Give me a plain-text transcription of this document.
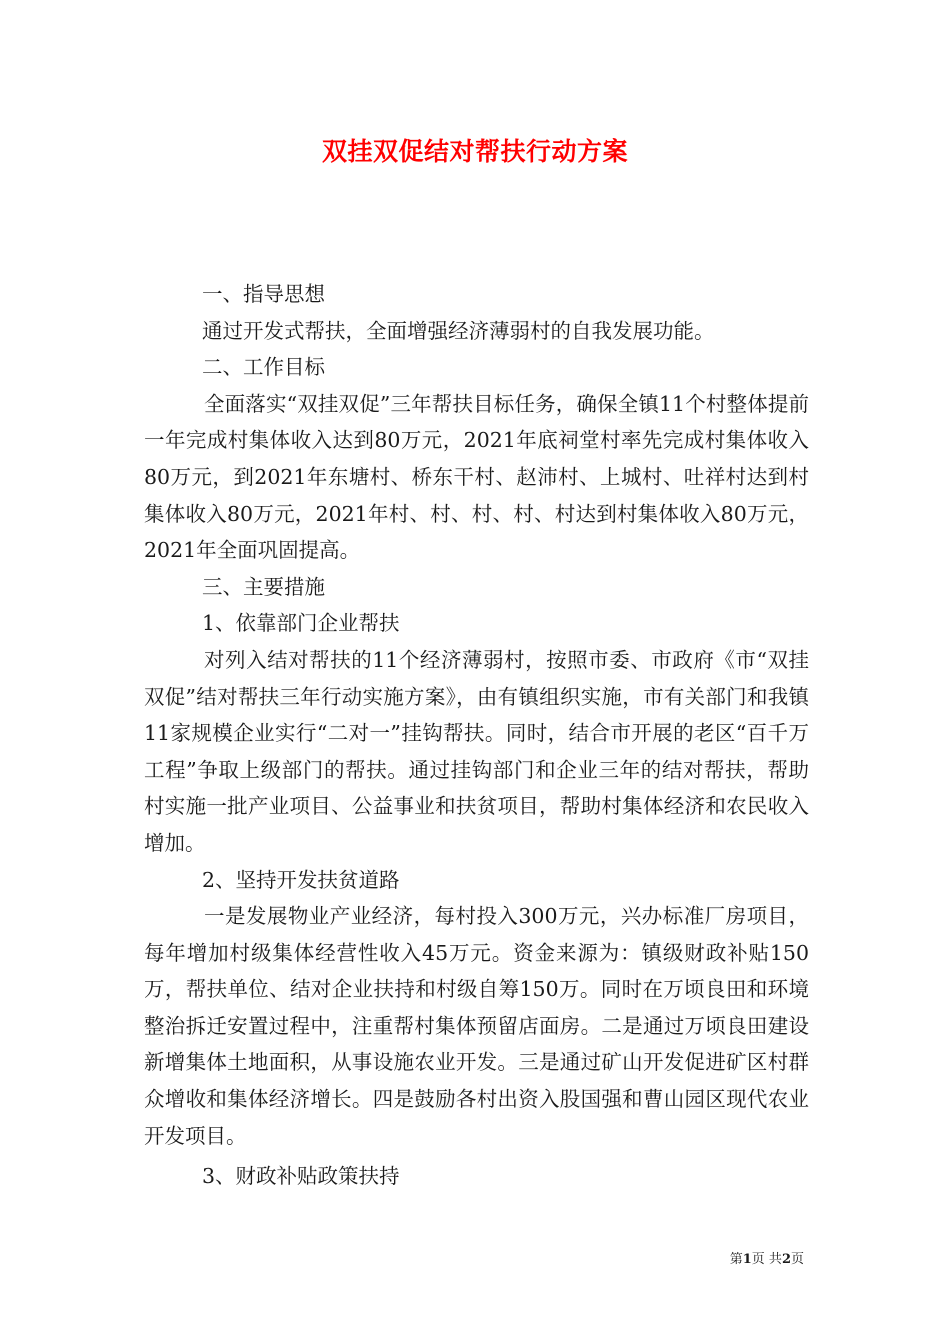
双挂双促结对帮扶行动方案

一、指导思想

通过开发式帮扶，全面增强经济薄弱村的自我发展功能。

二、工作目标

全面落实“双挂双促”三年帮扶目标任务，确保全镇11个村整体提前一年完成村集体收入达到80万元，2021年底祠堂村率先完成村集体收入80万元，到2021年东塘村、桥东干村、赵沛村、上城村、吐祥村达到村集体收入80万元，2021年村、村、村、村、村达到村集体收入80万元，2021年全面巩固提高。

三、主要措施

1、依靠部门企业帮扶

对列入结对帮扶的11个经济薄弱村，按照市委、市政府《市“双挂双促”结对帮扶三年行动实施方案》，由有镇组织实施，市有关部门和我镇11家规模企业实行“二对一”挂钩帮扶。同时，结合市开展的老区“百千万工程”争取上级部门的帮扶。通过挂钩部门和企业三年的结对帮扶，帮助村实施一批产业项目、公益事业和扶贫项目，帮助村集体经济和农民收入增加。

2、坚持开发扶贫道路

一是发展物业产业经济，每村投入300万元，兴办标准厂房项目，每年增加村级集体经营性收入45万元。资金来源为：镇级财政补贴150万，帮扶单位、结对企业扶持和村级自筹150万。同时在万顷良田和环境整治拆迁安置过程中，注重帮村集体预留店面房。二是通过万顷良田建设新增集体土地面积，从事设施农业开发。三是通过矿山开发促进矿区村群众增收和集体经济增长。四是鼓励各村出资入股国强和曹山园区现代农业开发项目。

3、财政补贴政策扶持

第1页 共2页
